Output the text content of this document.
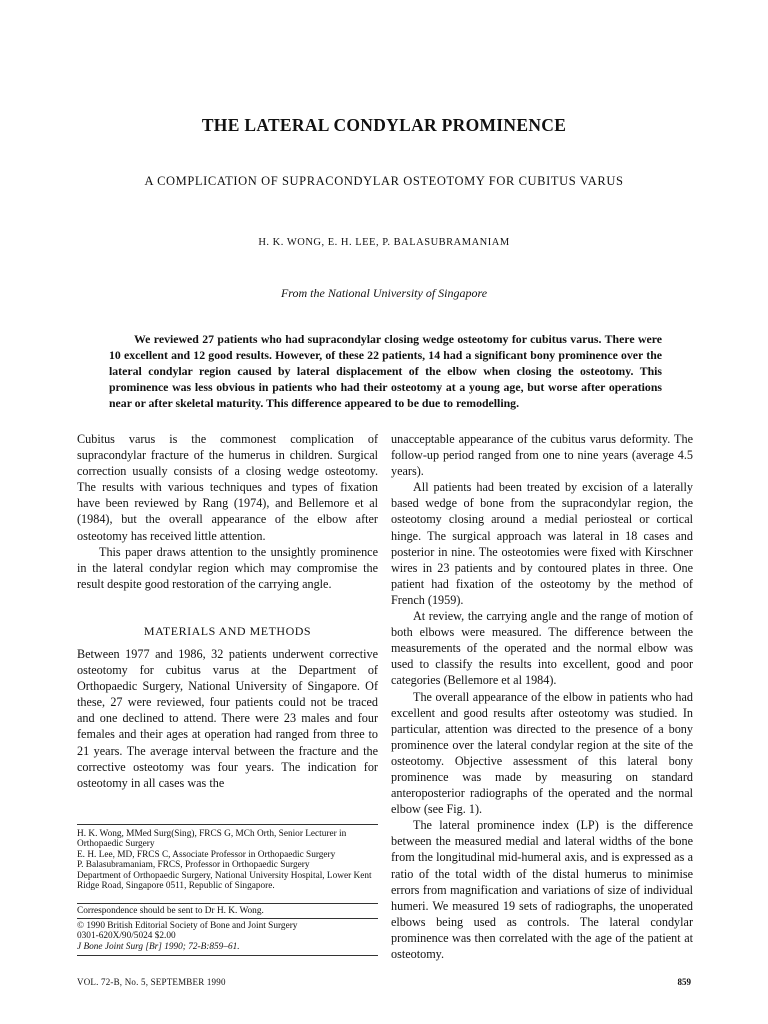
THE LATERAL CONDYLAR PROMINENCE
A COMPLICATION OF SUPRACONDYLAR OSTEOTOMY FOR CUBITUS VARUS
H. K. WONG, E. H. LEE, P. BALASUBRAMANIAM
From the National University of Singapore
We reviewed 27 patients who had supracondylar closing wedge osteotomy for cubitus varus. There were 10 excellent and 12 good results. However, of these 22 patients, 14 had a significant bony prominence over the lateral condylar region caused by lateral displacement of the elbow when closing the osteotomy. This prominence was less obvious in patients who had their osteotomy at a young age, but worse after operations near or after skeletal maturity. This difference appeared to be due to remodelling.

Cubitus varus is the commonest complication of supracondylar fracture of the humerus in children. Surgical correction usually consists of a closing wedge osteotomy. The results with various techniques and types of fixation have been reviewed by Rang (1974), and Bellemore et al (1984), but the overall appearance of the elbow after osteotomy has received little attention.

This paper draws attention to the unsightly prominence in the lateral condylar region which may compromise the result despite good restoration of the carrying angle.

MATERIALS AND METHODS

Between 1977 and 1986, 32 patients underwent corrective osteotomy for cubitus varus at the Department of Orthopaedic Surgery, National University of Singapore. Of these, 27 were reviewed, four patients could not be traced and one declined to attend. There were 23 males and four females and their ages at operation had ranged from three to 21 years. The average interval between the fracture and the corrective osteotomy was four years. The indication for osteotomy in all cases was the

H. K. Wong, MMed Surg(Sing), FRCS G, MCh Orth, Senior Lecturer in Orthopaedic Surgery
E. H. Lee, MD, FRCS C, Associate Professor in Orthopaedic Surgery
P. Balasubramaniam, FRCS, Professor in Orthopaedic Surgery
Department of Orthopaedic Surgery, National University Hospital, Lower Kent Ridge Road, Singapore 0511, Republic of Singapore.
Correspondence should be sent to Dr H. K. Wong.
© 1990 British Editorial Society of Bone and Joint Surgery
0301-620X/90/5024 $2.00
J Bone Joint Surg [Br] 1990; 72-B:859–61.

unacceptable appearance of the cubitus varus deformity. The follow-up period ranged from one to nine years (average 4.5 years).

All patients had been treated by excision of a laterally based wedge of bone from the supracondylar region, the osteotomy closing around a medial periosteal or cortical hinge. The surgical approach was lateral in 18 cases and posterior in nine. The osteotomies were fixed with Kirschner wires in 23 patients and by contoured plates in three. One patient had fixation of the osteotomy by the method of French (1959).

At review, the carrying angle and the range of motion of both elbows were measured. The difference between the measurements of the operated and the normal elbow was used to classify the results into excellent, good and poor categories (Bellemore et al 1984).

The overall appearance of the elbow in patients who had excellent and good results after osteotomy was studied. In particular, attention was directed to the presence of a bony prominence over the lateral condylar region at the site of the osteotomy. Objective assessment of this lateral bony prominence was made by measuring on standard anteroposterior radiographs of the operated and the normal elbow (see Fig. 1).

The lateral prominence index (LP) is the difference between the measured medial and lateral widths of the bone from the longitudinal mid-humeral axis, and is expressed as a ratio of the total width of the distal humerus to minimise errors from magnification and variations of size of individual humeri. We measured 19 sets of radiographs, the unoperated elbows being used as controls. The lateral condylar prominence was then correlated with the age of the patient at osteotomy.

VOL. 72-B, No. 5, SEPTEMBER 1990	859
